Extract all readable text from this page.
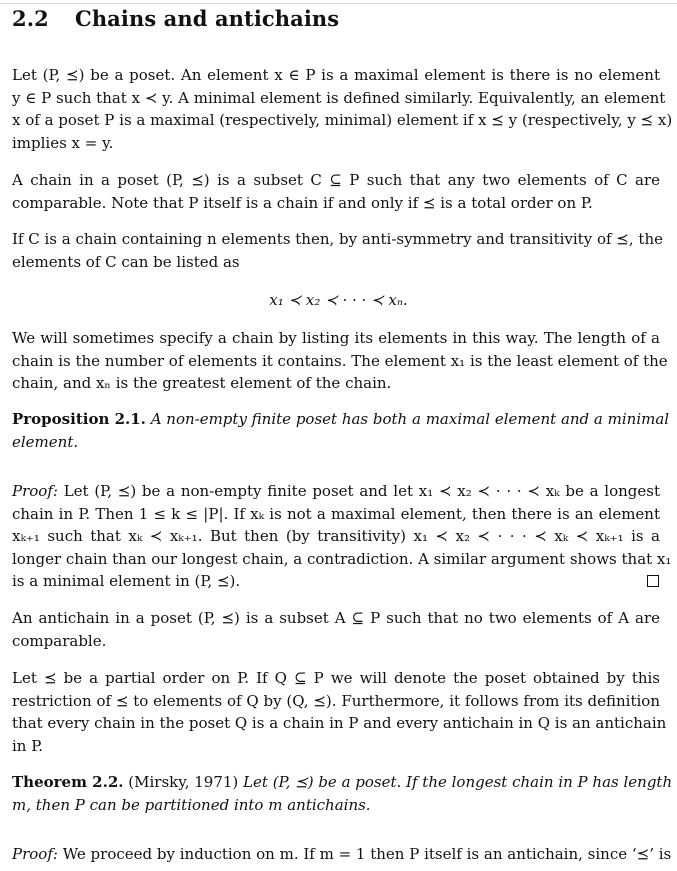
2.2 Chains and antichains
Let (P, ⪯) be a poset. An element x ∈ P is a maximal element is there is no element
y ∈ P such that x ≺ y. A minimal element is defined similarly. Equivalently, an element
x of a poset P is a maximal (respectively, minimal) element if x ⪯ y (respectively, y ⪯ x)
implies x = y.
A chain in a poset (P, ⪯) is a subset C ⊆ P such that any two elements of C are
comparable. Note that P itself is a chain if and only if ⪯ is a total order on P.
If C is a chain containing n elements then, by anti-symmetry and transitivity of ⪯, the
elements of C can be listed as
x₁ ≺ x₂ ≺ · · · ≺ xₙ.
We will sometimes specify a chain by listing its elements in this way. The length of a
chain is the number of elements it contains. The element x₁ is the least element of the
chain, and xₙ is the greatest element of the chain.
Proposition 2.1. A non-empty finite poset has both a maximal element and a minimal
element.
Proof: Let (P, ⪯) be a non-empty finite poset and let x₁ ≺ x₂ ≺ · · · ≺ xₖ be a longest
chain in P. Then 1 ≤ k ≤ |P|. If xₖ is not a maximal element, then there is an element
xₖ₊₁ such that xₖ ≺ xₖ₊₁. But then (by transitivity) x₁ ≺ x₂ ≺ · · · ≺ xₖ ≺ xₖ₊₁ is a
longer chain than our longest chain, a contradiction. A similar argument shows that x₁
is a minimal element in (P, ⪯).
An antichain in a poset (P, ⪯) is a subset A ⊆ P such that no two elements of A are
comparable.
Let ⪯ be a partial order on P. If Q ⊆ P we will denote the poset obtained by this
restriction of ⪯ to elements of Q by (Q, ⪯). Furthermore, it follows from its definition
that every chain in the poset Q is a chain in P and every antichain in Q is an antichain
in P.
Theorem 2.2. (Mirsky, 1971) Let (P, ⪯) be a poset. If the longest chain in P has length
m, then P can be partitioned into m antichains.
Proof: We proceed by induction on m. If m = 1 then P itself is an antichain, since ‘⪯’ is
